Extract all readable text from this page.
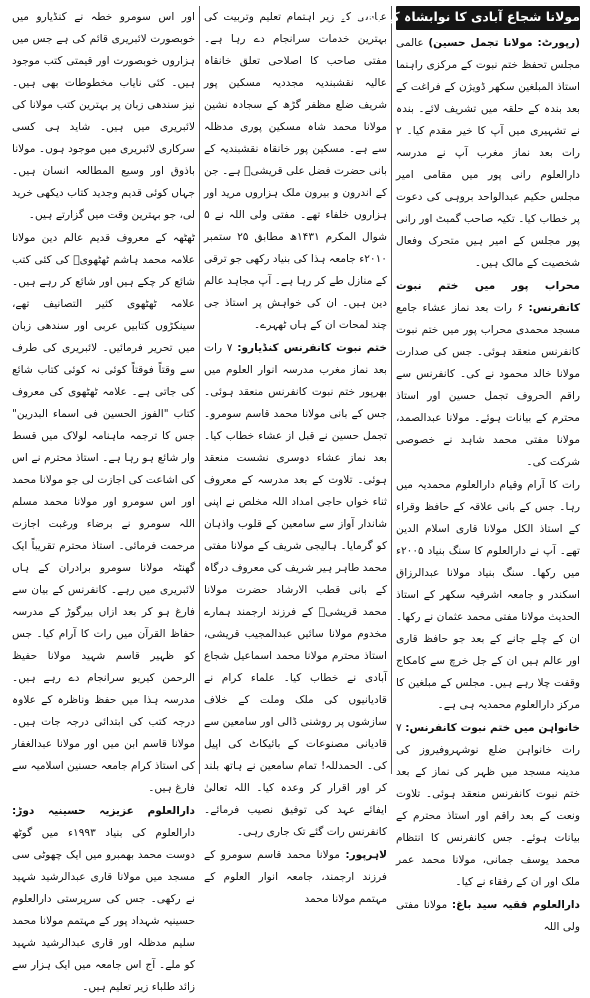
مولانا شجاع آبادی کا نوابشاہ کے دورہ پر

(رپورٹ: مولانا تجمل حسین) عالمی مجلس تحفظ ختم نبوت کے مرکزی راہنما استاذ المبلغین سکھر ڈویژن کے فراغت کے بعد بندہ کے حلقہ میں تشریف لائے۔ بندہ نے تشہیری میں آپ کا خیر مقدم کیا۔ ۲ رات بعد نماز مغرب آپ نے مدرسہ دارالعلوم رانی پور میں مقامی امیر مجلس حکیم عبدالواحد بروہی کی دعوت پر خطاب کیا۔ تکیہ صاحب گمبٹ اور رانی پور مجلس کے امیر ہیں متحرک وفعال شخصیت کے مالک ہیں۔

محراب پور میں ختم نبوت کانفرنس: ۶ رات بعد نماز عشاء جامع مسجد محمدی محراب پور میں ختم نبوت کانفرنس منعقد ہوئی۔ جس کی صدارت مولانا خالد محمود نے کی۔ کانفرنس سے راقم الحروف تجمل حسین اور استاذ محترم کے بیانات ہوئے۔ مولانا عبدالصمد، مولانا مفتی محمد شاہد نے خصوصی شرکت کی۔

رات کا آرام وقیام دارالعلوم محمدیہ میں رہا۔ جس کے بانی علاقہ کے حافظ وقراء کے استاذ الکل مولانا قاری اسلام الدین تھے۔ آپ نے دارالعلوم کا سنگ بنیاد ۲۰۰۵ء میں رکھا۔ سنگ بنیاد مولانا عبدالرزاق اسکندر و جامعہ اشرفیہ سکھر کے استاذ الحدیث مولانا مفتی محمد عثمان نے رکھا۔ ان کے چلے جانے کے بعد جو حافظ قاری اور عالم ہیں ان کے جل خرچ سے کامکاج وقفت چلا رہے ہیں۔ مجلس کے مبلغین کا مرکز دارالعلوم محمدیہ ہی ہے۔

خانواہن میں ختم نبوت کانفرنس: ۷ رات خانواہن ضلع نوشہروفیروز کی مدینہ مسجد میں ظہر کی نماز کے بعد ختم نبوت کانفرنس منعقد ہوئی۔ تلاوت ونعت کے بعد راقم اور استاذ محترم کے بیانات ہوئے۔ جس کانفرنس کا انتظام محمد یوسف جمانی، مولانا محمد عمر ملک اور ان کے رفقاء نے کیا۔

دارالعلوم فقیہ سید باغ: مولانا مفتی ولی اللہ

عباسی کے زیر اہتمام تعلیم وتربیت کی بہترین خدمات سرانجام دے رہا ہے۔ مفتی صاحب کا اصلاحی تعلق خانقاہ عالیہ نقشبندیہ مجددیہ مسکین پور شریف ضلع مظفر گڑھ کے سجادہ نشین مولانا محمد شاہ مسکین پوری مدظلہ سے ہے۔ مسکین پور خانقاہ نقشبندیہ کے بانی حضرت فضل علی قریشیؒ ہے۔ جن کے اندرون و بیرون ملک ہزاروں مرید اور ہزاروں خلفاء تھے۔ مفتی ولی اللہ نے ۵ شوال المکرم ۱۴۳۱ھ مطابق ۲۵ ستمبر ۲۰۱۰ء جامعہ ہذا کی بنیاد رکھی جو ترقی کے منازل طے کر رہا ہے۔ آپ مجاہد عالم دین ہیں۔ ان کی خواہش پر استاذ جی چند لمحات ان کے ہاں ٹھہرے۔

ختم نبوت کانفرنس کنڈیارو: ۷ رات بعد نماز مغرب مدرسہ انوار العلوم میں بھرپور ختم نبوت کانفرنس منعقد ہوئی۔ جس کے بانی مولانا محمد قاسم سومرو۔ تجمل حسین نے قبل از عشاء خطاب کیا۔ بعد نماز عشاء دوسری نشست منعقد ہوئی۔ تلاوت کے بعد مدرسہ کے معروف ثناء خواں حاجی امداد اللہ مخلص نے اپنی شاندار آواز سے سامعین کے قلوب واذہان کو گرمایا۔ ہالیجی شریف کے مولانا مفتی محمد طاہر ہیر شریف کی معروف درگاہ کے بانی قطب الارشاد حضرت مولانا محمد قریشیؒ کے فرزند ارجمند ہمارے مخدوم مولانا سائیں عبدالمجیب قریشی، استاذ محترم مولانا محمد اسماعیل شجاع آبادی نے خطاب کیا۔ علماء کرام نے قادیانیوں کی ملک وملت کے خلاف سازشوں پر روشنی ڈالی اور سامعین سے قادیانی مصنوعات کے بائیکاٹ کی اپیل کی۔ الحمدللہ! تمام سامعین نے ہاتھ بلند کر اور اقرار کر وعدہ کیا۔ اللہ تعالیٰ ایفائے عہد کی توفیق نصیب فرمائے۔ کانفرنس رات گئے تک جاری رہی۔

لاہرپور: مولانا محمد قاسم سومرو کے فرزند ارجمند، جامعہ انوار العلوم کے مہتمم مولانا محمد

اور اس سومرو خطہ نے کنڈیارو میں خوبصورت لائبریری قائم کی ہے جس میں ہزاروں خوبصورت اور قیمتی کتب موجود ہیں۔ کئی نایاب مخطوطات بھی ہیں۔ نیز سندھی زبان پر بہترین کتب مولانا کی لائبریری میں ہیں۔ شاید ہی کسی سرکاری لائبریری میں موجود ہوں۔ مولانا باذوق اور وسیع المطالعہ انسان ہیں۔ جہاں کوئی قدیم وجدید کتاب دیکھی خرید لی، جو بہترین وقت میں گزارتے ہیں۔

ٹھٹھہ کے معروف قدیم عالم دین مولانا علامہ محمد ہاشم ٹھٹھویؒ کی کئی کتب شائع کر چکے ہیں اور شائع کر رہے ہیں۔ علامہ ٹھٹھوی کثیر التصانیف تھے، سینکڑوں کتابیں عربی اور سندھی زبان میں تحریر فرمائیں۔ لائبریری کی طرف سے وقتاً فوقتاً کوئی نہ کوئی کتاب شائع کی جاتی ہے۔ علامہ ٹھٹھوی کی معروف کتاب "الفوز الحسین فی اسماء البدرین" جس کا ترجمہ ماہنامہ لولاک میں قسط وار شائع ہو رہا ہے۔ استاذ محترم نے اس کی اشاعت کی اجازت لی جو مولانا محمد اور اس سومرو اور مولانا محمد مسلم اللہ سومرو نے برضاء ورغبت اجازت مرحمت فرمائی۔ استاذ محترم تقریباً ایک گھنٹہ مولانا سومرو برادران کے ہاں لائبریری میں رہے۔ کانفرنس کے بیان سے فارغ ہو کر بعد ازاں بیرگوڑ کے مدرسہ حفاظ القرآن میں رات کا آرام کیا۔ جس کو ظہیر قاسم شہید مولانا حفیظ الرحمن کیریو سرانجام دے رہے ہیں۔ مدرسہ ہذا میں حفظ وناظرہ کے علاوہ درجہ کتب کی ابتدائی درجہ جات ہیں۔ مولانا قاسم ابن میں اور مولانا عبدالغفار کی استاذ کرام جامعہ حسنین اسلامیہ سے فارغ ہیں۔

دارالعلوم عزیزیہ حسینیہ دوڑ: دارالعلوم کی بنیاد ۱۹۹۳ء میں گوٹھ دوست محمد بھمبرو میں ایک چھوٹی سی مسجد میں مولانا قاری عبدالرشید شہید نے رکھی۔ جس کی سرپرستی دارالعلوم حسینیہ شہداد پور کے مہتمم مولانا محمد سلیم مدظلہ اور قاری عبدالرشید شہید کو ملے۔ آج اس جامعہ میں ایک ہزار سے زائد طلباء زیر تعلیم ہیں۔
